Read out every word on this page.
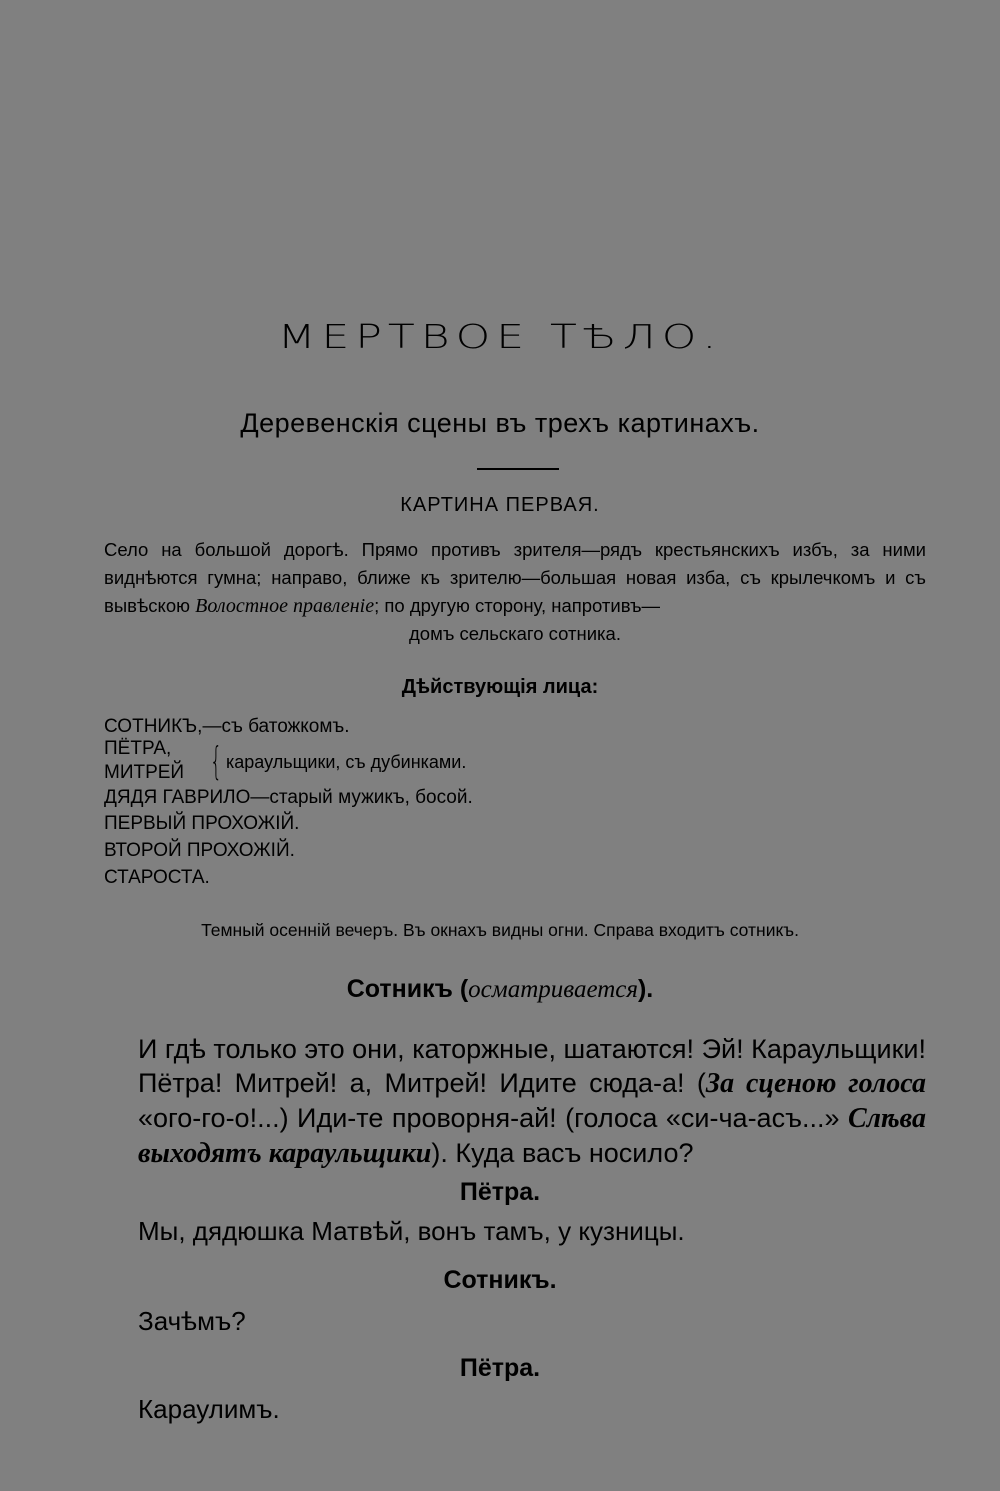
МЕРТВОЕ ТѢЛО.
Деревенскія сцены въ трехъ картинахъ.
КАРТИНА ПЕРВАЯ.
Село на большой дорогѣ. Прямо противъ зрителя—рядъ крестьянскихъ избъ, за ними виднѣются гумна; направо, ближе къ зрителю—большая новая изба, съ крылечкомъ и съ вывѣскою Волостное правленіе; по другую сторону, напротивъ—
домъ сельскаго сотника.
Дѣйствующія лица:
СОТНИКЪ,—съ батожкомъ.
ПЁТРА,
МИТРЕЙ { караульщики, съ дубинками.
ДЯДЯ ГАВРИЛО—старый мужикъ, босой.
ПЕРВЫЙ ПРОХОЖІЙ.
ВТОРОЙ ПРОХОЖІЙ.
СТАРОСТА.
Темный осенній вечеръ. Въ окнахъ видны огни. Справа входитъ сотникъ.
Сотникъ (осматривается).
И гдѣ только это они, каторжные, шатаются! Эй! Караульщики! Пётра! Митрей! а, Митрей! Идите сюда-а! (За сценою голоса «ого-го-о!...) Иди-те проворня-ай! (голоса «си-ча-асъ...» Слѣва выходятъ караульщики). Куда васъ носило?
Пётра.
Мы, дядюшка Матвѣй, вонъ тамъ, у кузницы.
Сотникъ.
Зачѣмъ?
Пётра.
Караулимъ.
